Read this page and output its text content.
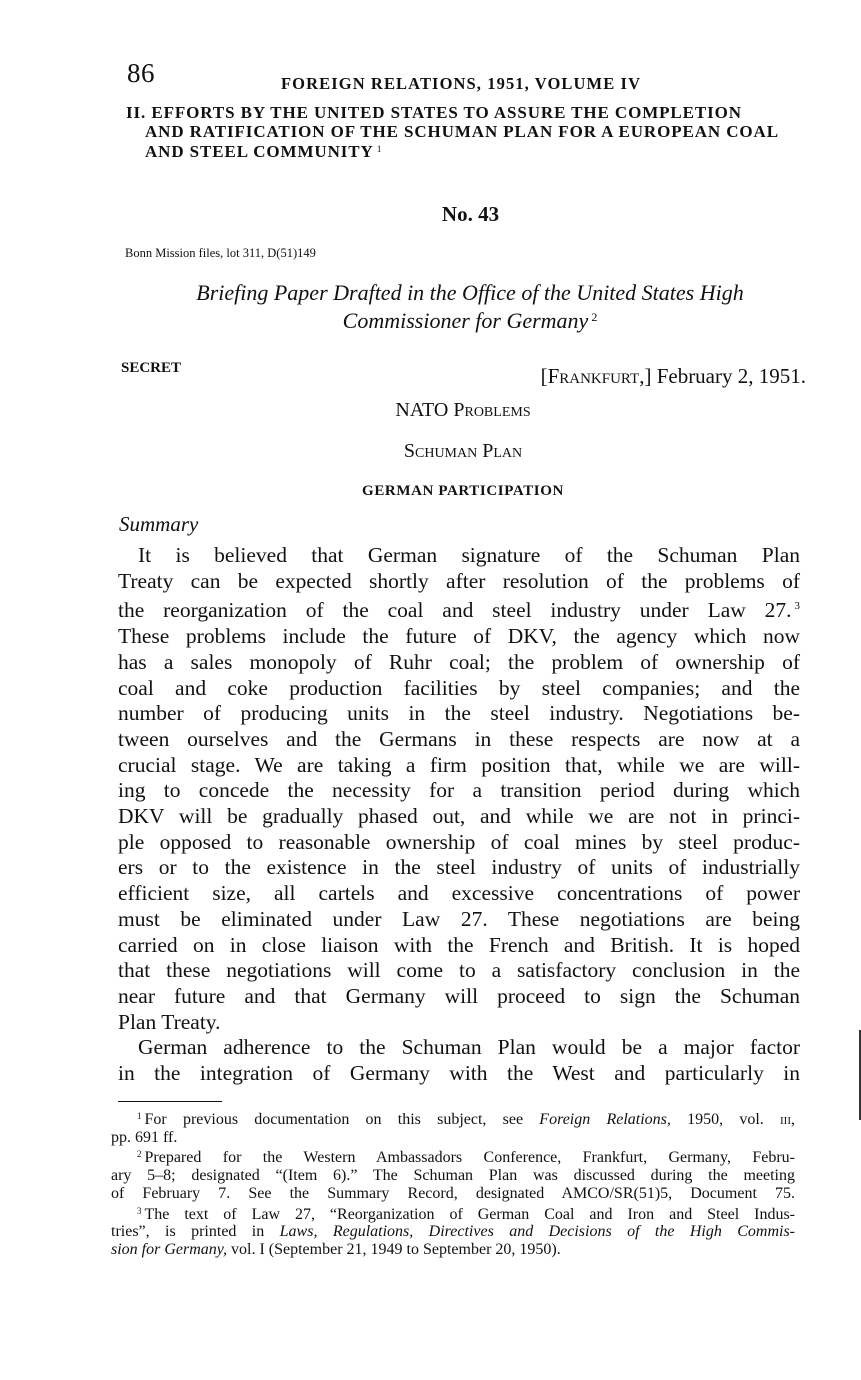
86	FOREIGN RELATIONS, 1951, VOLUME IV
II. EFFORTS BY THE UNITED STATES TO ASSURE THE COMPLETION
AND RATIFICATION OF THE SCHUMAN PLAN FOR A EUROPEAN COAL
AND STEEL COMMUNITY $^1$
No. 43
Bonn Mission files, lot 311, D(51)149
Briefing Paper Drafted in the Office of the United States High
Commissioner for Germany $^2$
SECRET	[Frankfurt,] February 2, 1951.
NATO Problems
Schuman Plan
GERMAN PARTICIPATION
Summary
It is believed that German signature of the Schuman Plan
Treaty can be expected shortly after resolution of the problems of
the reorganization of the coal and steel industry under Law 27. $^3$
These problems include the future of DKV, the agency which now
has a sales monopoly of Ruhr coal; the problem of ownership of
coal and coke production facilities by steel companies; and the
number of producing units in the steel industry. Negotiations be-
tween ourselves and the Germans in these respects are now at a
crucial stage. We are taking a firm position that, while we are will-
ing to concede the necessity for a transition period during which
DKV will be gradually phased out, and while we are not in princi-
ple opposed to reasonable ownership of coal mines by steel produc-
ers or to the existence in the steel industry of units of industrially
efficient size, all cartels and excessive concentrations of power
must be eliminated under Law 27. These negotiations are being
carried on in close liaison with the French and British. It is hoped
that these negotiations will come to a satisfactory conclusion in the
near future and that Germany will proceed to sign the Schuman
Plan Treaty.
German adherence to the Schuman Plan would be a major factor
in the integration of Germany with the West and particularly in
$^1$ For previous documentation on this subject, see Foreign Relations, 1950, vol. iii,
pp. 691 ff.
$^2$ Prepared for the Western Ambassadors Conference, Frankfurt, Germany, Febru-
ary 5–8; designated “(Item 6).” The Schuman Plan was discussed during the meeting
of February 7. See the Summary Record, designated AMCO/SR(51)5, Document 75.
$^3$ The text of Law 27, “Reorganization of German Coal and Iron and Steel Indus-
tries”, is printed in Laws, Regulations, Directives and Decisions of the High Commis-
sion for Germany, vol. I (September 21, 1949 to September 20, 1950).
